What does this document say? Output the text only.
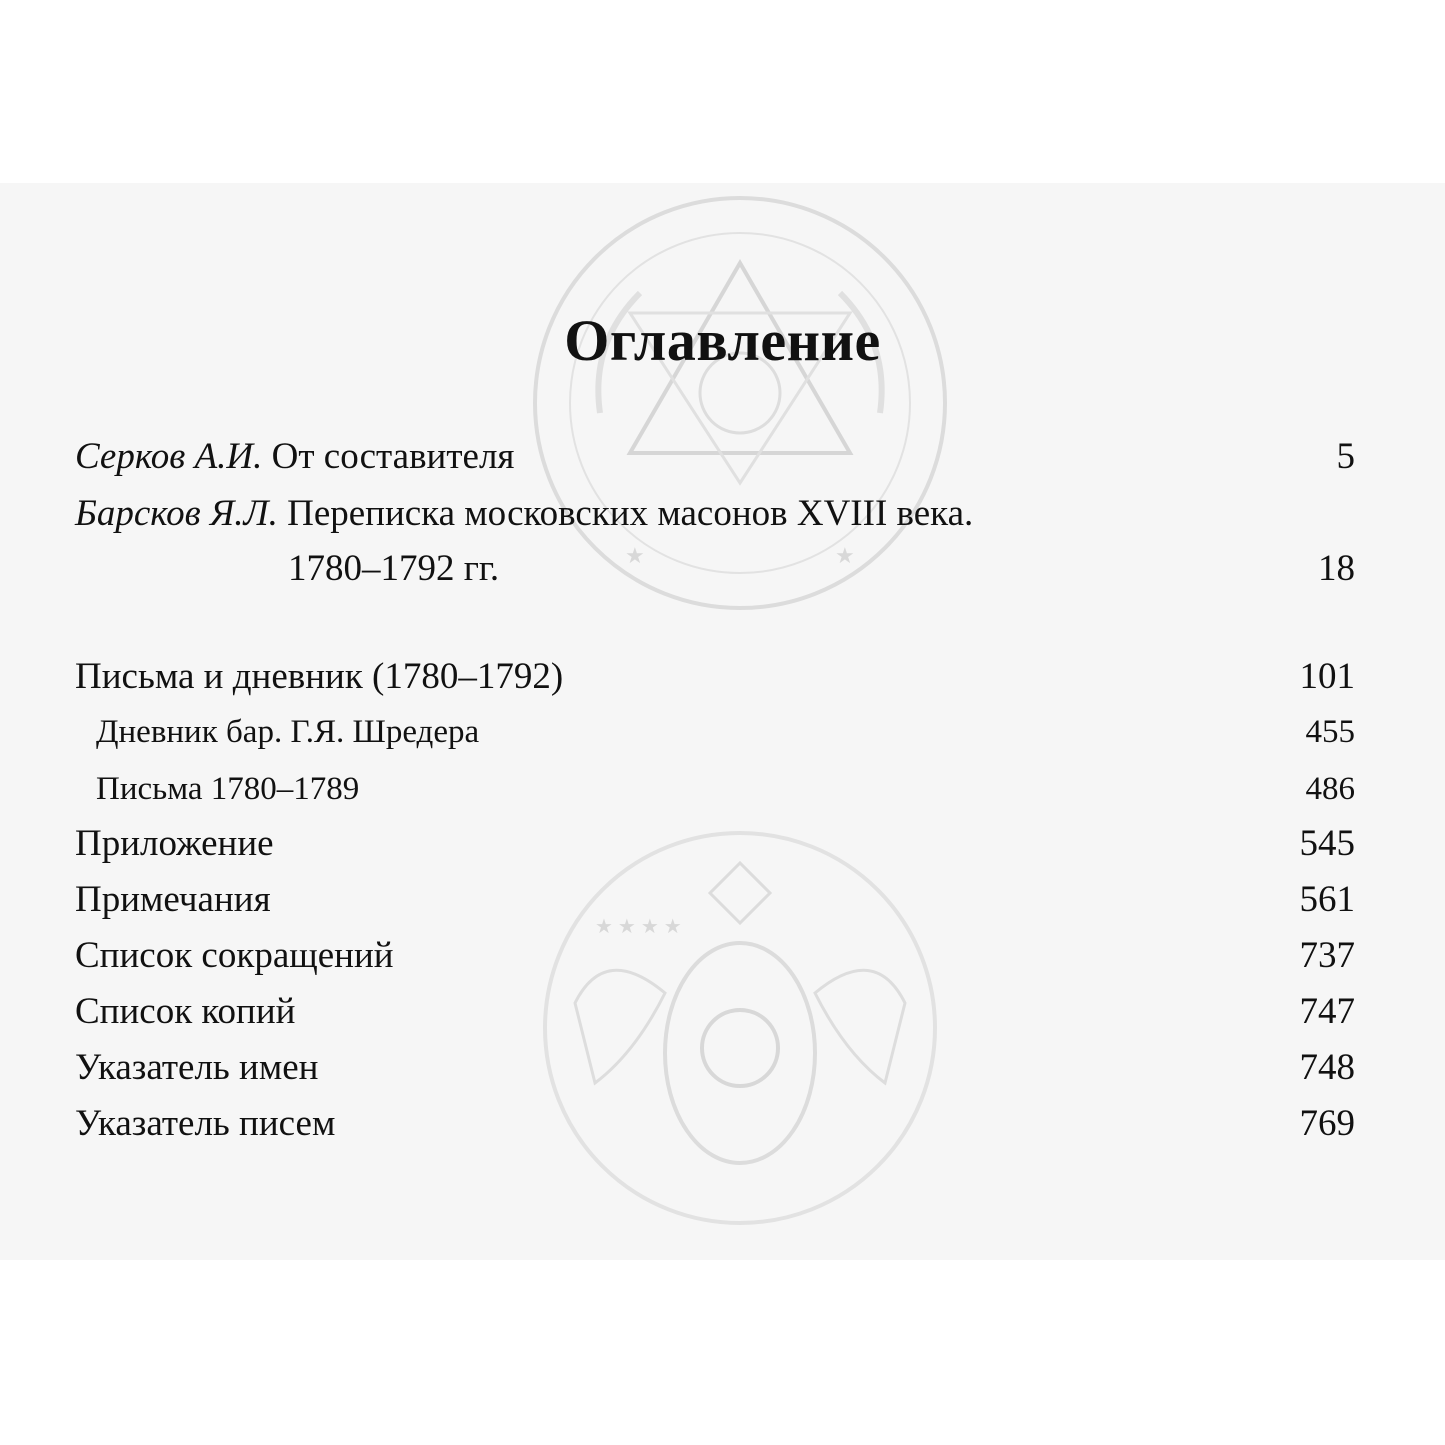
★	★
★ ★ ★ ★

Оглавление
Серков А.И. От составителя	5
Барсков Я.Л. Переписка московских масонов XVIII века.
1780–1792 гг.	18
Письма и дневник (1780–1792)	101
Дневник бар. Г.Я. Шредера	455
Письма 1780–1789	486
Приложение	545
Примечания	561
Список сокращений	737
Список копий	747
Указатель имен	748
Указатель писем	769
